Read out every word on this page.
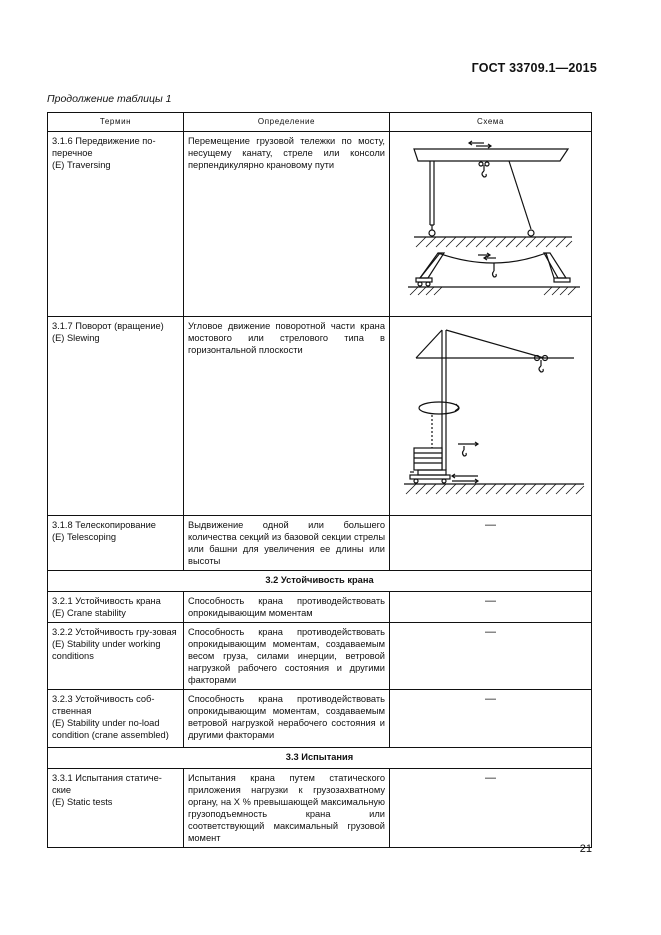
ГОСТ 33709.1—2015
Продолжение таблицы 1
Термин	Определение	Схема
3.1.6 Передвижение по-перечное
(E) Traversing	Перемещение грузовой тележки по мосту, несущему канату, стреле или консоли перпендикулярно крановому пути	

3.1.7 Поворот (вращение)
(E) Slewing	Угловое движение поворотной части крана мостового или стрелового типа в горизонтальной плоскости	

3.1.8 Телескопирование
(E) Telescoping	Выдвижение одной или большего количества секций из базовой секции стрелы или башни для увеличения ее длины или высоты	—
3.2 Устойчивость крана		
3.2.1 Устойчивость крана
(E) Crane stability	Способность крана противодействовать опрокидывающим моментам	—
3.2.2 Устойчивость гру-зовая
(E) Stability under working conditions	Способность крана противодействовать опрокидывающим моментам, создаваемым весом груза, силами инерции, ветровой нагрузкой рабочего состояния и другими факторами	—
3.2.3 Устойчивость соб-ственная
(E) Stability under no-load condition (crane assembled)	Способность крана противодействовать опрокидывающим моментам, создаваемым ветровой нагрузкой нерабочего состояния и другими факторами	—
3.3 Испытания		
3.3.1 Испытания статиче-ские
(E) Static tests	Испытания крана путем статического приложения нагрузки к грузозахватному органу, на X % превышающей максимальную грузоподъемность крана или соответствующий максимальный грузовой момент	—
21
